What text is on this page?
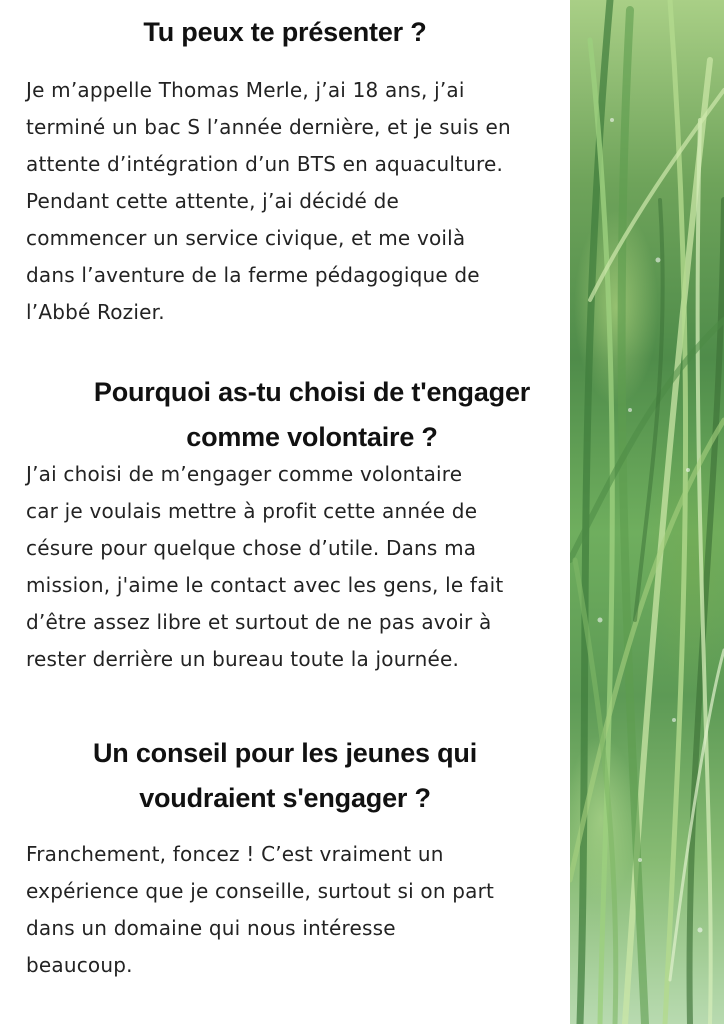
Tu peux te présenter ?

Je m’appelle Thomas Merle, j’ai 18 ans, j’ai
terminé un bac S l’année dernière, et je suis en
attente d’intégration d’un BTS en aquaculture.
Pendant cette attente, j’ai décidé de
commencer un service civique, et me voilà
dans l’aventure de la ferme pédagogique de
l’Abbé Rozier.

Pourquoi as-tu choisi de t'engager
comme volontaire ?

J’ai choisi de m’engager comme volontaire
car je voulais mettre à profit cette année de
césure pour quelque chose d’utile. Dans ma
mission, j'aime le contact avec les gens, le fait
d’être assez libre et surtout de ne pas avoir à
rester derrière un bureau toute la journée.

Un conseil pour les jeunes qui
voudraient s'engager ?

Franchement, foncez ! C’est vraiment un
expérience que je conseille, surtout si on part
dans un domaine qui nous intéresse
beaucoup.
